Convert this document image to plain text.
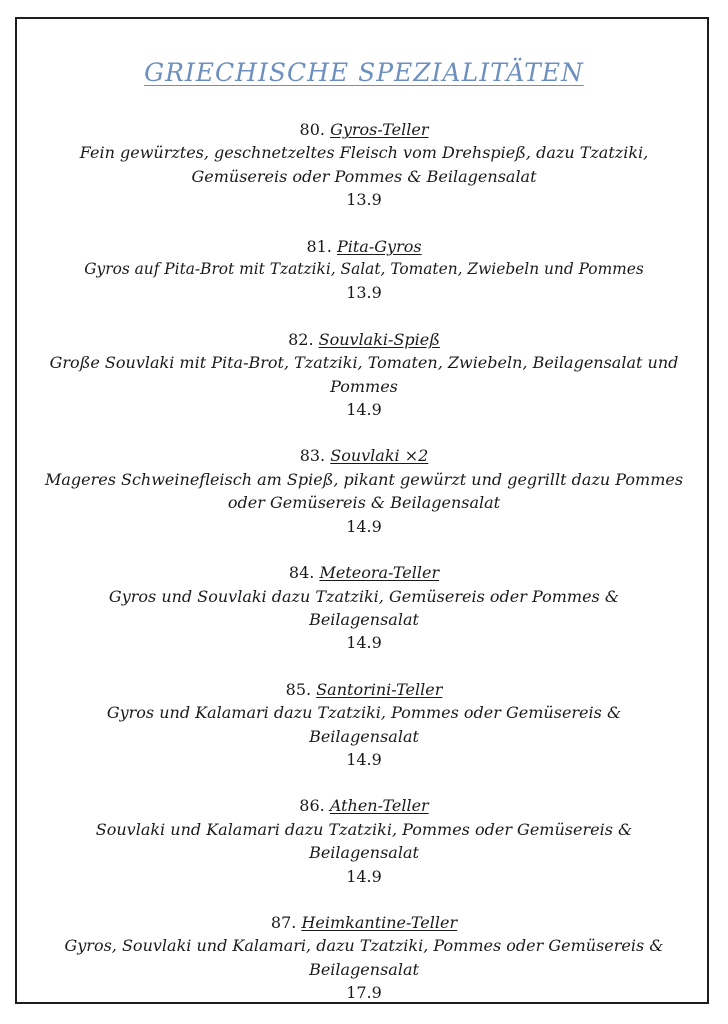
GRIECHISCHE SPEZIALITÄTEN
80. Gyros-Teller
Fein gewürztes, geschnetzeltes Fleisch vom Drehspieß, dazu Tzatziki, Gemüsereis oder Pommes & Beilagensalat
13.9
81. Pita-Gyros
Gyros auf Pita-Brot mit Tzatziki, Salat, Tomaten, Zwiebeln und Pommes
13.9
82. Souvlaki-Spieß
Große Souvlaki mit Pita-Brot, Tzatziki, Tomaten, Zwiebeln, Beilagensalat und Pommes
14.9
83. Souvlaki ×2
Mageres Schweinefleisch am Spieß, pikant gewürzt und gegrillt dazu Pommes oder Gemüsereis & Beilagensalat
14.9
84. Meteora-Teller
Gyros und Souvlaki dazu Tzatziki, Gemüsereis oder Pommes & Beilagensalat
14.9
85. Santorini-Teller
Gyros und Kalamari dazu Tzatziki, Pommes oder Gemüsereis & Beilagensalat
14.9
86. Athen-Teller
Souvlaki und Kalamari dazu Tzatziki, Pommes oder Gemüsereis & Beilagensalat
14.9
87. Heimkantine-Teller
Gyros, Souvlaki und Kalamari, dazu Tzatziki, Pommes oder Gemüsereis & Beilagensalat
17.9
